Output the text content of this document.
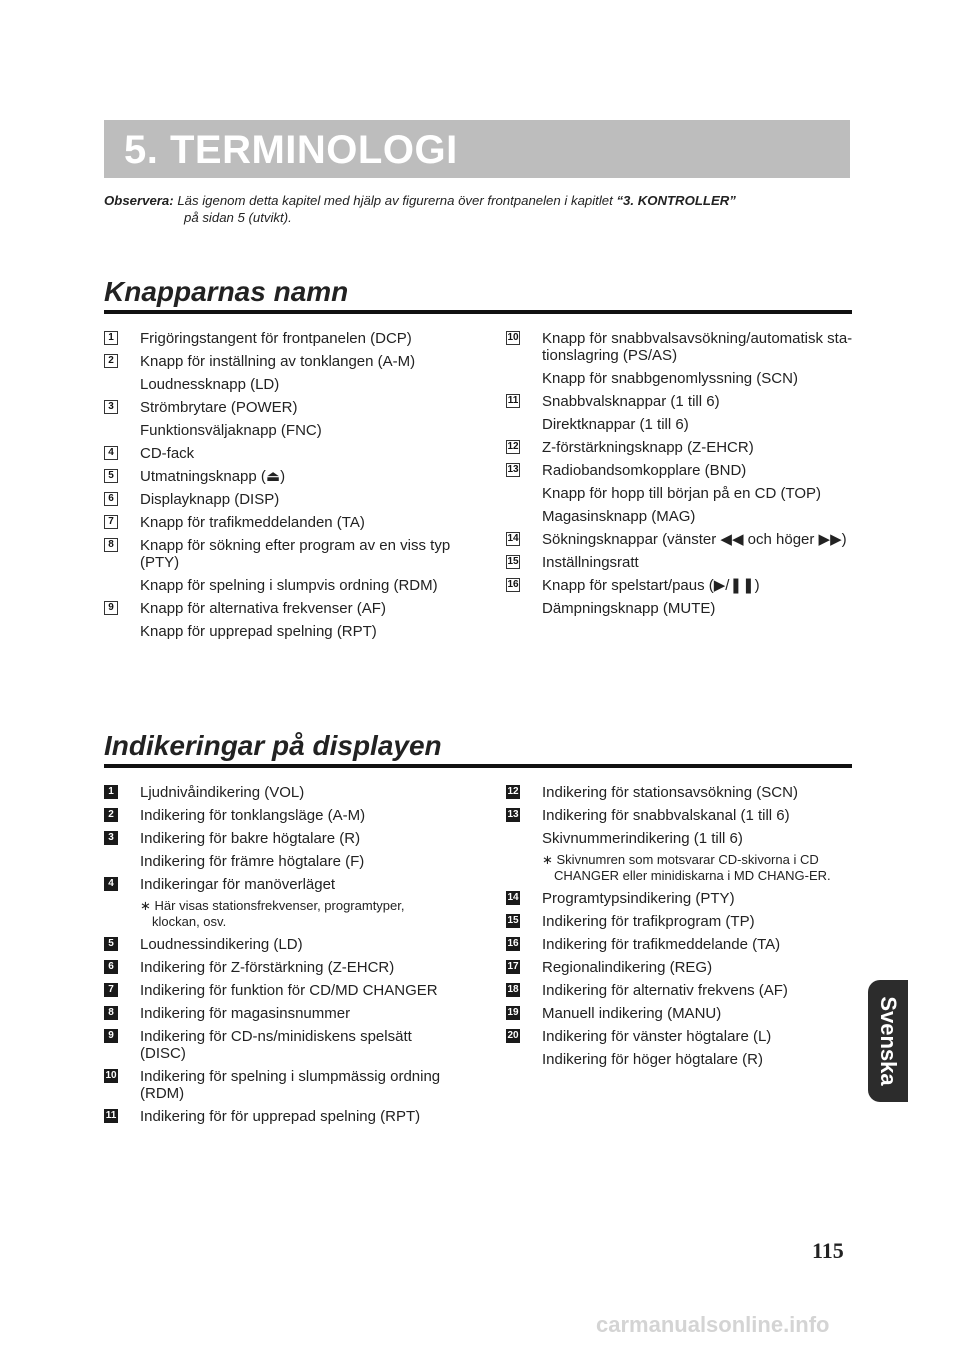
5. TERMINOLOGI
Observera: Läs igenom detta kapitel med hjälp av figurerna över frontpanelen i kapitlet “3. KONTROLLER”
på sidan 5 (utvikt).
Knapparnas namn
1 Frigöringstangent för frontpanelen (DCP)
2 Knapp för inställning av tonklangen (A-M)
Loudnessknapp (LD)
3 Strömbrytare (POWER)
Funktionsväljaknapp (FNC)
4 CD-fack
5 Utmatningsknapp (⏏)
6 Displayknapp (DISP)
7 Knapp för trafikmeddelanden (TA)
8 Knapp för sökning efter program av en viss typ (PTY)
Knapp för spelning i slumpvis ordning (RDM)
9 Knapp för alternativa frekvenser (AF)
Knapp för upprepad spelning (RPT)
10 Knapp för snabbvalsavsökning/automatisk sta-tionslagring (PS/AS)
Knapp för snabbgenomlyssning (SCN)
11 Snabbvalsknappar (1 till 6)
Direktknappar (1 till 6)
12 Z-förstärkningsknapp (Z-EHCR)
13 Radiobandsomkopplare (BND)
Knapp för hopp till början på en CD (TOP)
Magasinsknapp (MAG)
14 Sökningsknappar (vänster ◀◀ och höger ▶▶)
15 Inställningsratt
16 Knapp för spelstart/paus (▶/❚❚)
Dämpningsknapp (MUTE)
Indikeringar på displayen
1 Ljudnivåindikering (VOL)
2 Indikering för tonklangsläge (A-M)
3 Indikering för bakre högtalare (R)
Indikering för främre högtalare (F)
4 Indikeringar för manöverläget
∗ Här visas stationsfrekvenser, programtyper, klockan, osv.
5 Loudnessindikering (LD)
6 Indikering för Z-förstärkning (Z-EHCR)
7 Indikering för funktion för CD/MD CHANGER
8 Indikering för magasinsnummer
9 Indikering för CD-ns/minidiskens spelsätt (DISC)
10 Indikering för spelning i slumpmässig ordning (RDM)
11 Indikering för för upprepad spelning (RPT)
12 Indikering för stationsavsökning (SCN)
13 Indikering för snabbvalskanal (1 till 6)
Skivnummerindikering (1 till 6)
∗ Skivnumren som motsvarar CD-skivorna i CD CHANGER eller minidiskarna i MD CHANG-ER.
14 Programtypsindikering (PTY)
15 Indikering för trafikprogram (TP)
16 Indikering för trafikmeddelande (TA)
17 Regionalindikering (REG)
18 Indikering för alternativ frekvens (AF)
19 Manuell indikering (MANU)
20 Indikering för vänster högtalare (L)
Indikering för höger högtalare (R)	Svenska
115
carmanualsonline.info
